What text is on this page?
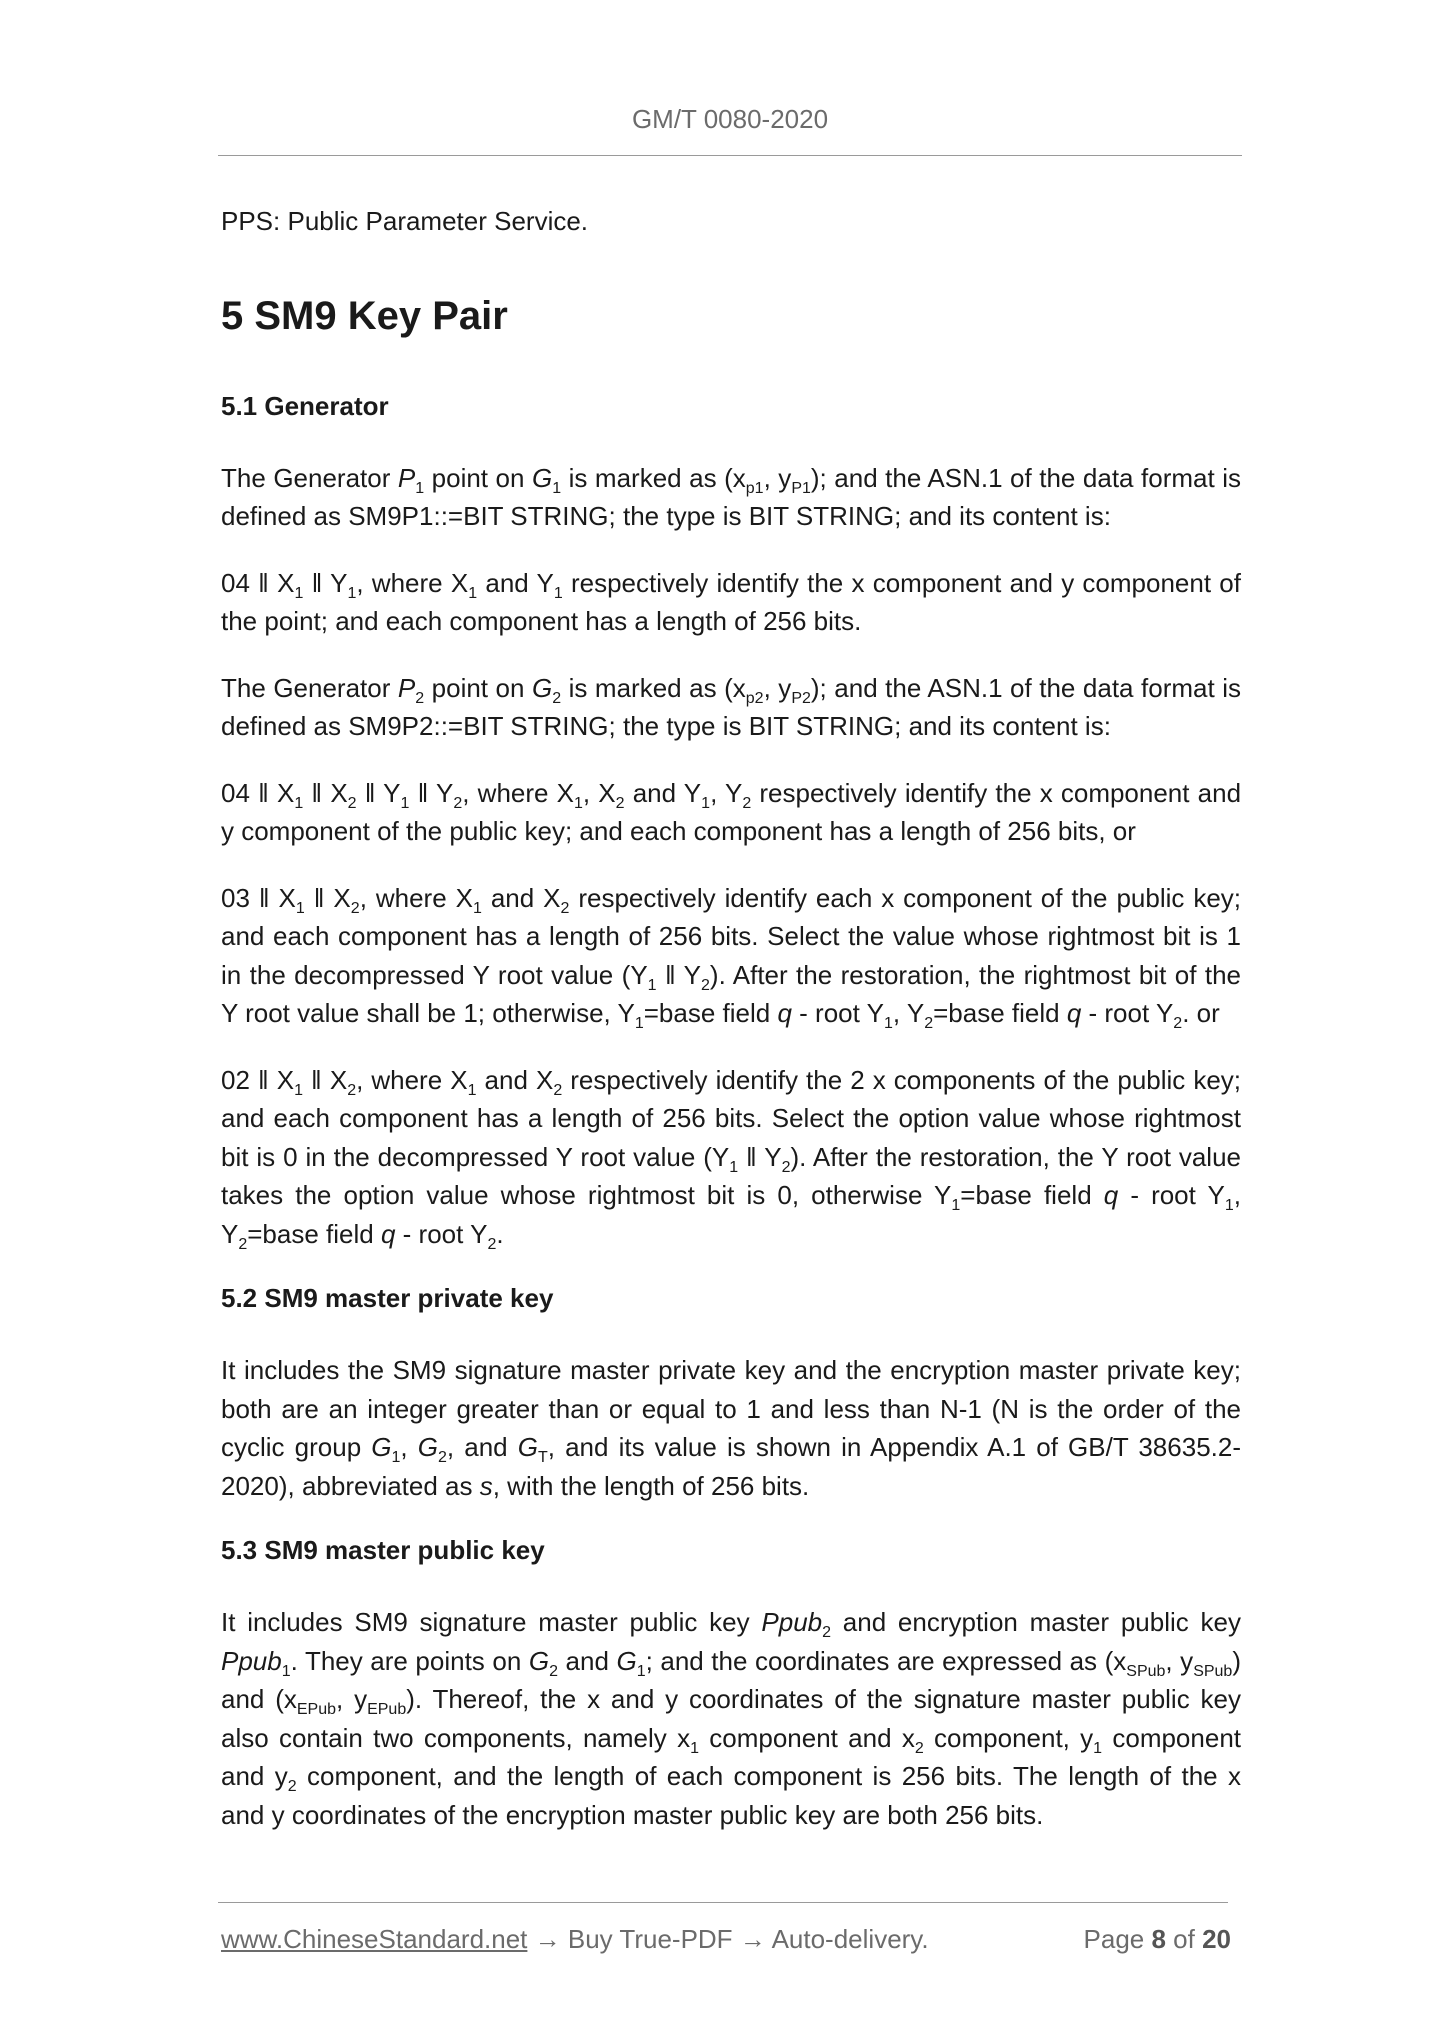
GM/T 0080-2020

PPS: Public Parameter Service.

5 SM9 Key Pair
5.1 Generator

The Generator $P_1$ point on $G_1$ is marked as ($x_{p1}$, $y_{P1}$); and the ASN.1 of the data format is defined as SM9P1::=BIT STRING; the type is BIT STRING; and its content is:

04 ‖ $X_1$ ‖ $Y_1$, where $X_1$ and $Y_1$ respectively identify the x component and y component of the point; and each component has a length of 256 bits.

The Generator $P_2$ point on $G_2$ is marked as ($x_{p2}$, $y_{P2}$); and the ASN.1 of the data format is defined as SM9P2::=BIT STRING; the type is BIT STRING; and its content is:

04 ‖ $X_1$ ‖ $X_2$ ‖ $Y_1$ ‖ $Y_2$, where $X_1$, $X_2$ and $Y_1$, $Y_2$ respectively identify the x component and y component of the public key; and each component has a length of 256 bits, or

03 ‖ $X_1$ ‖ $X_2$, where $X_1$ and $X_2$ respectively identify each x component of the public key; and each component has a length of 256 bits. Select the value whose rightmost bit is 1 in the decompressed Y root value ($Y_1$ ‖ $Y_2$). After the restoration, the rightmost bit of the Y root value shall be 1; otherwise, $Y_1=base$ field q - root $Y_1$, $Y_2=base$ field q - root $Y_2$. or

02 ‖ $X_1$ ‖ $X_2$, where $X_1$ and $X_2$ respectively identify the 2 x components of the public key; and each component has a length of 256 bits. Select the option value whose rightmost bit is 0 in the decompressed Y root value ($Y_1$ ‖ $Y_2$). After the restoration, the Y root value takes the option value whose rightmost bit is 0, otherwise $Y_1=base$ field q - root $Y_1$, $Y_2=base$ field q - root $Y_2$.

5.2 SM9 master private key

It includes the SM9 signature master private key and the encryption master private key; both are an integer greater than or equal to 1 and less than N-1 (N is the order of the cyclic group $G_1$, $G_2$, and $G_T$, and its value is shown in Appendix A.1 of GB/T 38635.2-2020), abbreviated as s, with the length of 256 bits.

5.3 SM9 master public key

It includes SM9 signature master public key Ppub$_2$ and encryption master public key Ppub$_1$. They are points on $G_2$ and $G_1$; and the coordinates are expressed as ($x_{SPub}$, $y_{SPub}$) and ($x_{EPub}$, $y_{EPub}$). Thereof, the x and y coordinates of the signature master public key also contain two components, namely $x_1$ component and $x_2$ component, $y_1$ component and $y_2$ component, and the length of each component is 256 bits. The length of the x and y coordinates of the encryption master public key are both 256 bits.

www.ChineseStandard.net → Buy True-PDF → Auto-delivery.	Page 8 of 20
